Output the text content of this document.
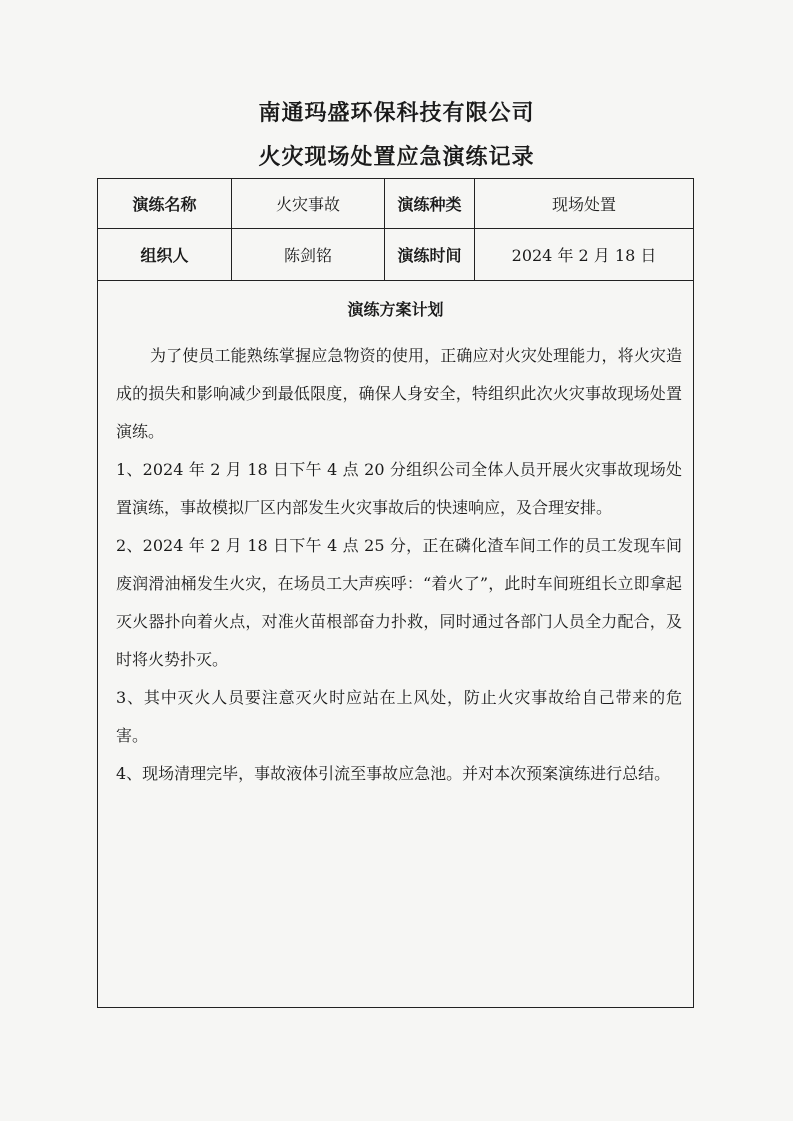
南通玛盛环保科技有限公司
火灾现场处置应急演练记录
演练名称	火灾事故	演练种类	现场处置
组织人	陈剑铭	演练时间	2024 年 2 月 18 日
演练方案计划

为了使员工能熟练掌握应急物资的使用，正确应对火灾处理能力，将火灾造成的损失和影响减少到最低限度，确保人身安全，特组织此次火灾事故现场处置演练。

1、2024 年 2 月 18 日下午 4 点 20 分组织公司全体人员开展火灾事故现场处置演练，事故模拟厂区内部发生火灾事故后的快速响应，及合理安排。

2、2024 年 2 月 18 日下午 4 点 25 分，正在磷化渣车间工作的员工发现车间废润滑油桶发生火灾，在场员工大声疾呼：“着火了”，此时车间班组长立即拿起灭火器扑向着火点，对准火苗根部奋力扑救，同时通过各部门人员全力配合，及时将火势扑灭。

3、其中灭火人员要注意灭火时应站在上风处，防止火灾事故给自己带来的危害。

4、现场清理完毕，事故液体引流至事故应急池。并对本次预案演练进行总结。
